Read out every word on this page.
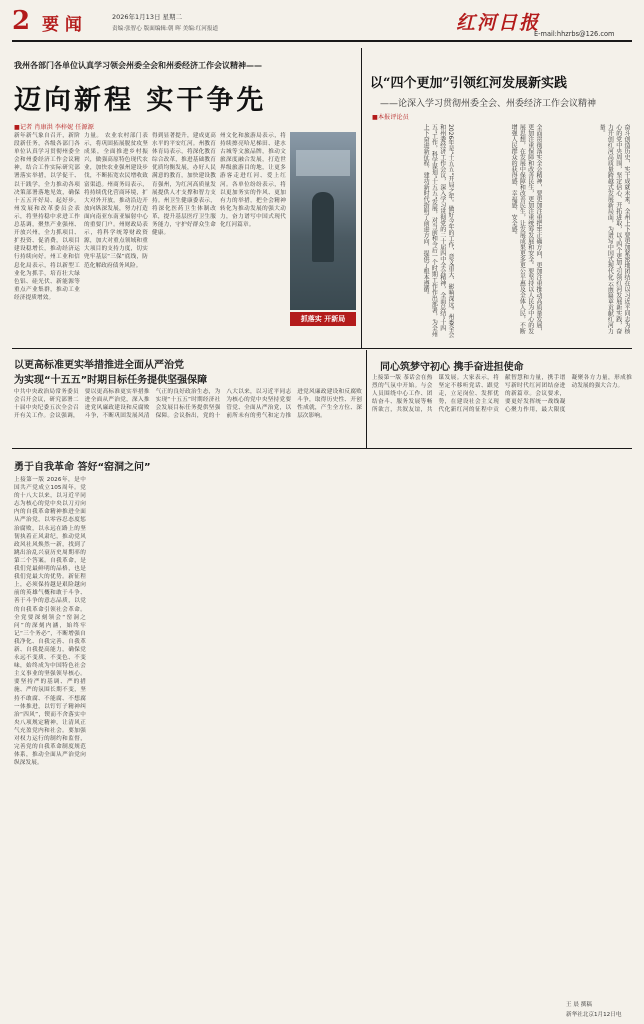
2 要 闻	2026年1月13日 星期二
责编:张智心 版面编辑:朝 晖 美编:红河报道	红河日报
E-mail:hhzrbs@126.com
我州各部门各单位认真学习领会州委全会和州委经济工作会议精神——
迈向新程 实干争先
■记者 肖康洪 李梓妮 任源源
新年新气象自召开，新阶段新任务，各级各部门各单位认真学习贯彻州委全会和州委经济工作会议精神，结合工作实际研究部署落实举措，以学促干、以干践学，全力推动各项决策部署落地见效，确保十五五开好局、起好步。州发展和改革委员会表示，将坚持稳中求进工作总基调，聚焦产业强州、开放兴州，全力抓项目、扩投资、促消费，以项目建设稳增长，推动经济运行持续向好。州工业和信息化局表示，将以新型工业化为抓手，培育壮大绿色铝、硅光伏、新能源等重点产业集群，推动工业经济提质增效。
力量。 农业农村部门表示，将巩固拓展脱贫攻坚成果，全面推进乡村振兴，做强高原特色现代农业，加快农业强州建设步伐，不断拓宽农民增收致富渠道。州商务局表示，将持续优化营商环境，扩大对外开放，推动沿边开放向纵深发展，努力打造面向南亚东南亚辐射中心的重要门户。州财政局表示，将科学统筹财政资源，加大对重点领域和重大项目的支持力度，切实兜牢基层“三保”底线，防范化解政府债务风险。
得到显著提升，建成更高水平的平安红河。州教育体育局表示，将深化教育综合改革，推进基础教育优质均衡发展，办好人民满意的教育，加快建设教育强州，为红河高质量发展提供人才支撑和智力支持。州卫生健康委表示，将深化医药卫生体制改革，提升基层医疗卫生服务能力，守护好群众生命健康。
州文化和旅游局表示，将持续擦亮哈尼梯田、建水古城等文旅品牌，推动文旅深度融合发展，打造世界级旅游目的地，让更多游客走进红河、爱上红河。各单位纷纷表示，将以更加务实的作风、更加有力的举措，把全会精神转化为推动发展的强大动力，奋力谱写中国式现代化红河篇章。
抓落实 开新局
以“四个更加”引领红河发展新实践
——论深入学习贯彻州委全会、州委经济工作会议精神
■本报评论员
2026年是“十五五”开局之年。做好今年的工作，意义重大、影响深远。州委全会和州委经济工作会议，深入学习贯彻党的二十届四中全会精神，全面总结“十四五”工作，科学谋划“十五五”发展，对当前和今后一个时期工作作出部署，为全州上下奋进新征程、建功新时代指明了前进方向、提供了根本遵循。	全面贯彻落实全会精神，要更加注重把牢正确方向，更加注重推动高质量发展，更加注重保障和改善民生，更加注重统筹发展和安全。要坚持以人民为中心的发展思想，在发展中保障和改善民生，让发展成果更多更公平惠及全体人民，不断增强人民群众的获得感、幸福感、安全感。	奋斗创造历史，实干成就未来。全州上下要更加紧密地团结在以习近平同志为核心的党中央周围，坚定信心、开拓进取，以“四个更加”引领红河发展新实践，奋力开创红河高质量跨越式发展新局面，为谱写中国式现代化云南篇章贡献红河力量。
以更高标准更实举措推进全面从严治党
为实现“十五五”时期目标任务提供坚强保障
中共中央政治局常务委员会召开会议，研究部署二十届中央纪委五次全会召开有关工作。会议强调，要以更高标准更实举措推进全面从严治党，深入推进党风廉政建设和反腐败斗争，不断巩固发展风清气正的良好政治生态，为实现“十五五”时期经济社会发展目标任务提供坚强保障。会议指出，党的十八大以来，以习近平同志为核心的党中央坚持党要管党、全面从严治党，以前所未有的勇气和定力推进党风廉政建设和反腐败斗争，取得历史性、开创性成就，产生全方位、深层次影响。
同心筑梦守初心 携手奋进担使命
上接第一版 茶话会在热烈的气氛中开始。与会人员围绕中心工作、团结奋斗、服务发展等畅所欲言，共叙友谊，共谋发展。大家表示，将坚定不移听党话、跟党走，立足岗位、发挥优势，在建设社会主义现代化新红河的征程中贡献智慧和力量，携手谱写新时代红河团结奋进的新篇章。会议要求，要更好发挥统一战线凝心聚力作用，最大限度凝聚各方力量，形成推动发展的强大合力。
勇于自我革命 答好“窑洞之问”
上接第一版 2026年，是中国共产党成立105周年。党的十八大以来，以习近平同志为核心的党中央以刀刃向内的自我革命精神推进全面从严治党，以零容忍态度惩治腐败，以永远在路上的坚韧执着正风肃纪，推动党风政风社风焕然一新，找到了跳出治乱兴衰历史周期率的第二个答案。自我革命，是我们党最鲜明的品格，也是我们党最大的优势。新征程上，必须保持越是艰险越向前的英雄气概和敢于斗争、善于斗争的意志品质，以党的自我革命引领社会革命。全党要深刻领会“窑洞之问”的深刻内涵，始终牢记“三个务必”，不断增强自我净化、自我完善、自我革新、自我提高能力，确保党永远不变质、不变色、不变味，始终成为中国特色社会主义事业的坚强领导核心。要坚持严的基调、严的措施、严的氛围长期不变，坚持不敢腐、不能腐、不想腐一体推进，以钉钉子精神纠治“四风”，锲而不舍落实中央八项规定精神，让清风正气充盈党内和社会。要加强对权力运行的制约和监督，完善党的自我革命制度规范体系，推动全面从严治党向纵深发展。
王 晨 撰稿
新华社北京1月12日电
